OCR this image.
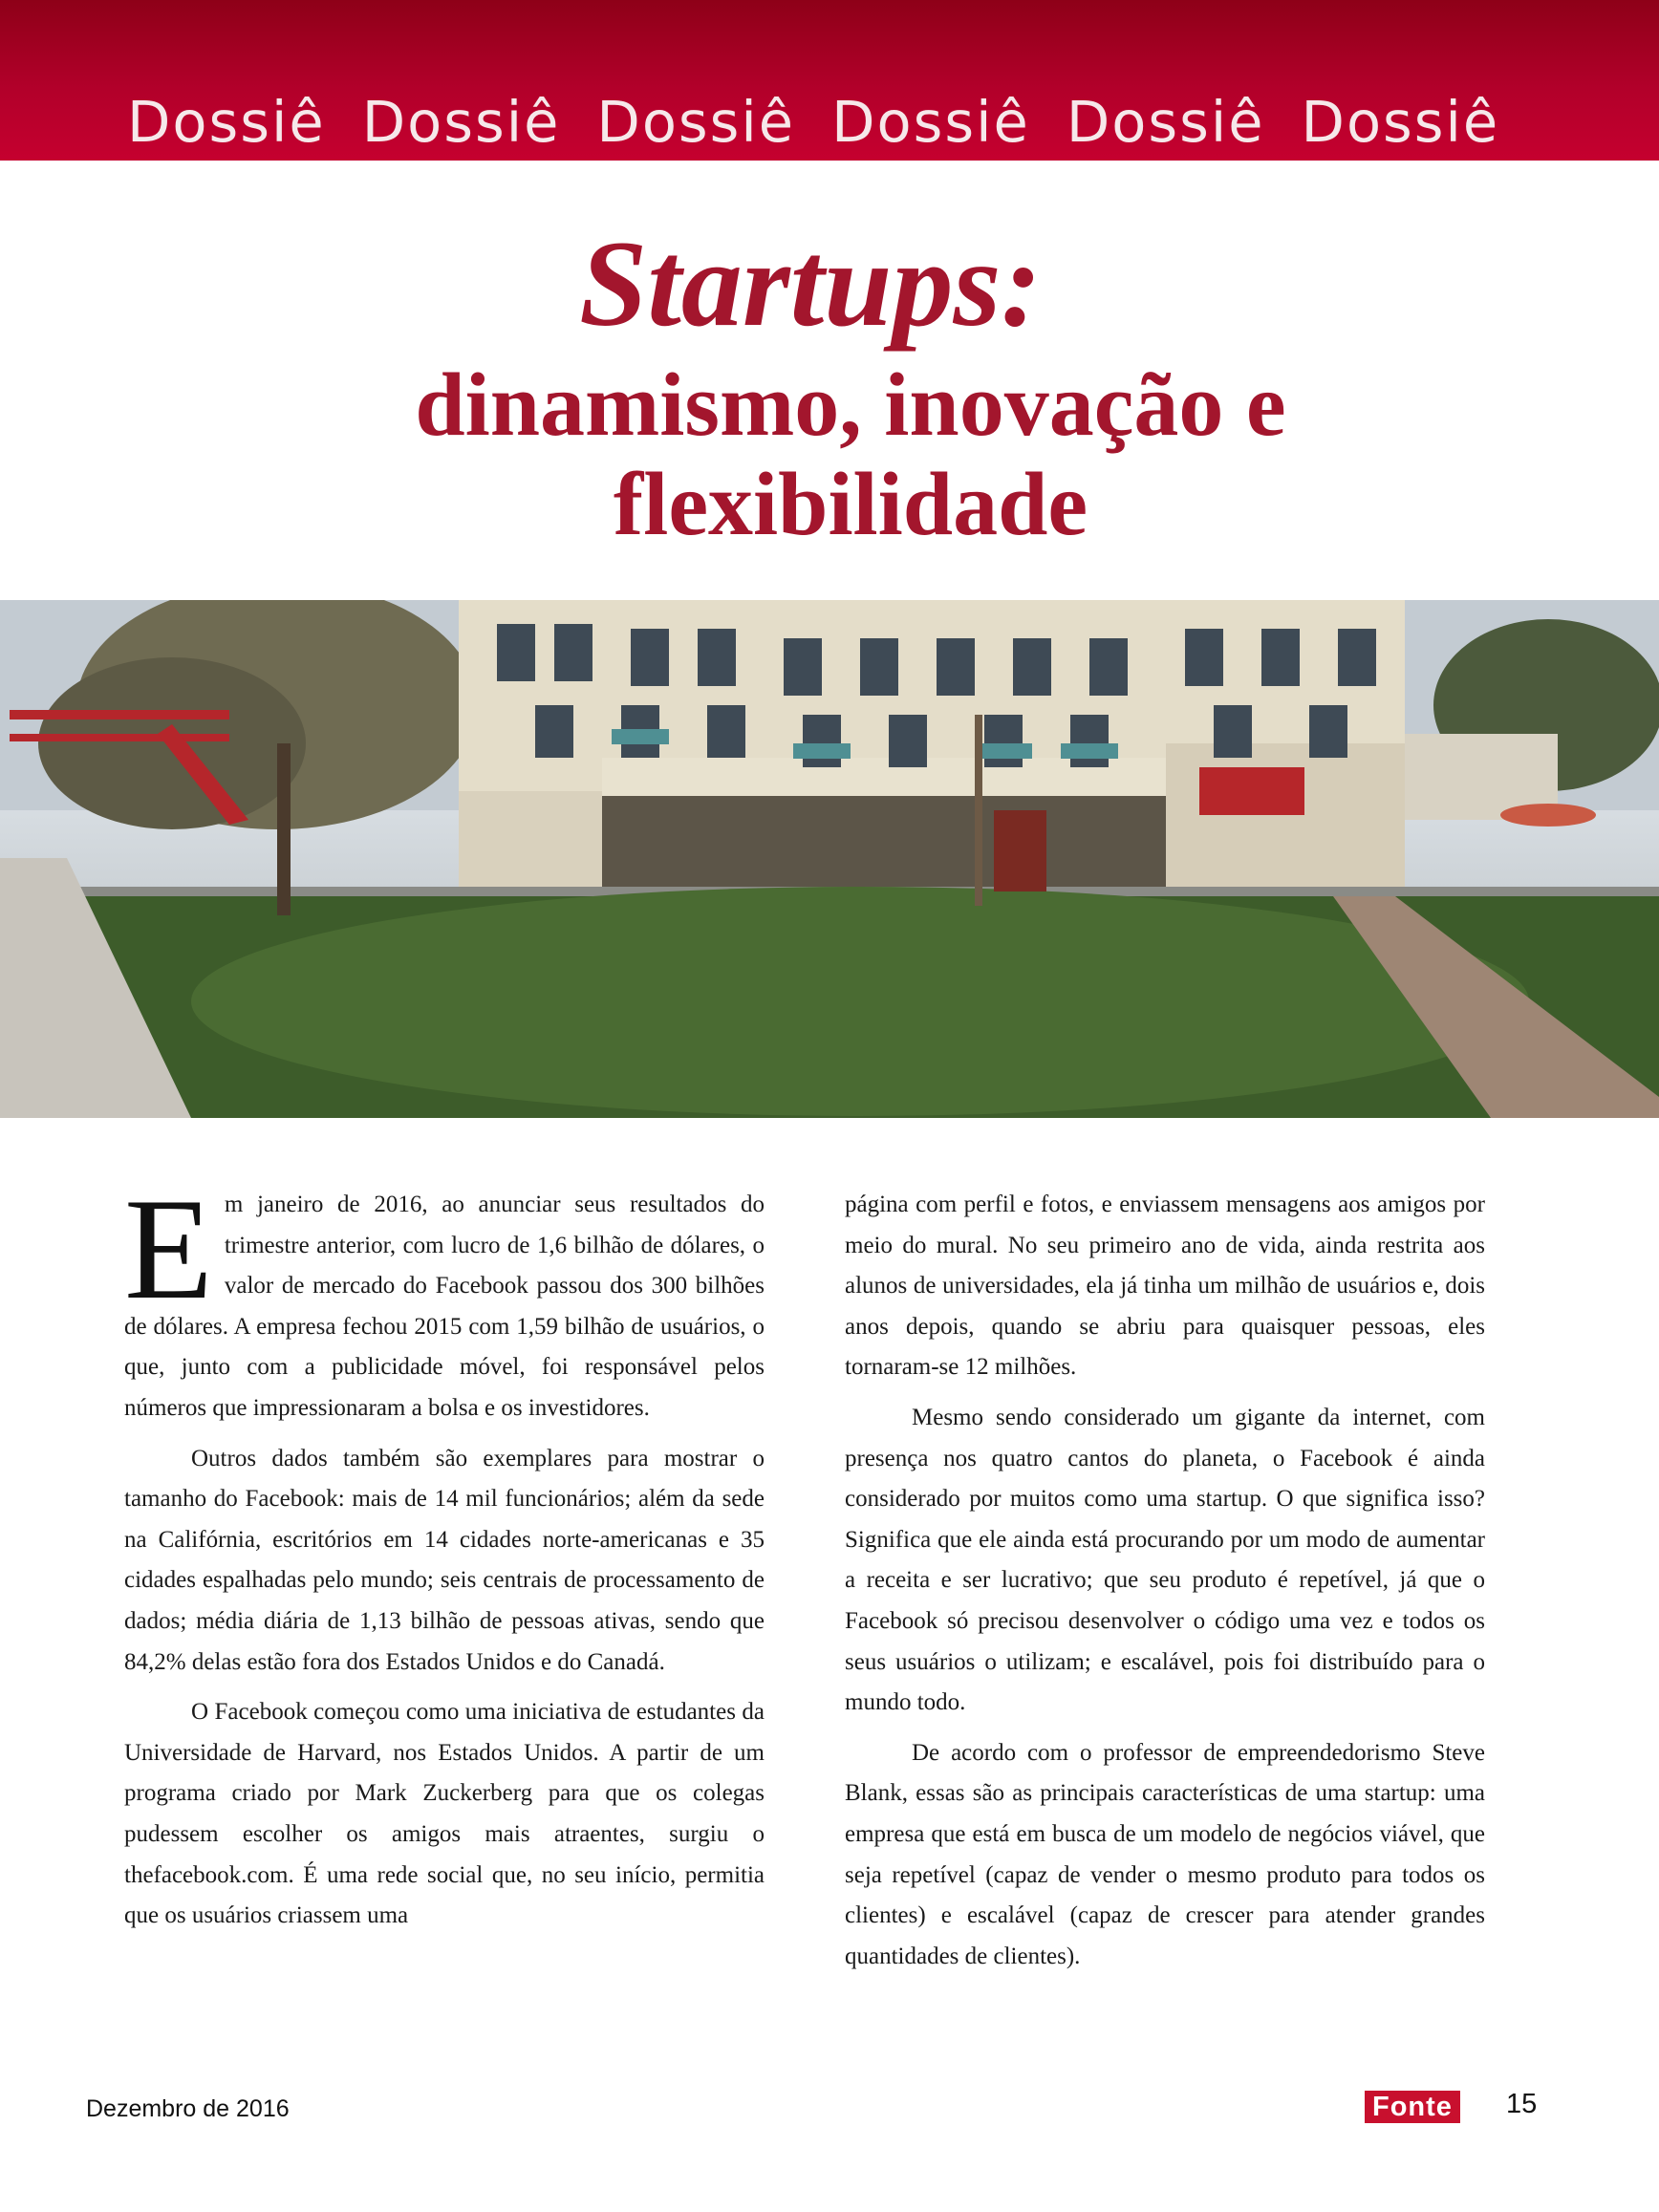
Dossiê Dossiê Dossiê Dossiê Dossiê Dossiê
Startups:
dinamismo, inovação e flexibilidade

Em janeiro de 2016, ao anunciar seus resultados do trimestre anterior, com lucro de 1,6 bilhão de dólares, o valor de mercado do Facebook passou dos 300 bilhões de dólares. A empresa fechou 2015 com 1,59 bilhão de usuários, o que, junto com a publicidade móvel, foi responsável pelos números que impressionaram a bolsa e os investidores.

Outros dados também são exemplares para mostrar o tamanho do Facebook: mais de 14 mil funcionários; além da sede na Califórnia, escritórios em 14 cidades norte-americanas e 35 cidades espalhadas pelo mundo; seis centrais de processamento de dados; média diária de 1,13 bilhão de pessoas ativas, sendo que 84,2% delas estão fora dos Estados Unidos e do Canadá.

O Facebook começou como uma iniciativa de estudantes da Universidade de Harvard, nos Estados Unidos. A partir de um programa criado por Mark Zuckerberg para que os colegas pudessem escolher os amigos mais atraentes, surgiu o thefacebook.com. É uma rede social que, no seu início, permitia que os usuários criassem uma

página com perfil e fotos, e enviassem mensagens aos amigos por meio do mural. No seu primeiro ano de vida, ainda restrita aos alunos de universidades, ela já tinha um milhão de usuários e, dois anos depois, quando se abriu para quaisquer pessoas, eles tornaram-se 12 milhões.

Mesmo sendo considerado um gigante da internet, com presença nos quatro cantos do planeta, o Facebook é ainda considerado por muitos como uma startup. O que significa isso? Significa que ele ainda está procurando por um modo de aumentar a receita e ser lucrativo; que seu produto é repetível, já que o Facebook só precisou desenvolver o código uma vez e todos os seus usuários o utilizam; e escalável, pois foi distribuído para o mundo todo.

De acordo com o professor de empreendedorismo Steve Blank, essas são as principais características de uma startup: uma empresa que está em busca de um modelo de negócios viável, que seja repetível (capaz de vender o mesmo produto para todos os clientes) e escalável (capaz de crescer para atender grandes quantidades de clientes).

Dezembro de 2016	Fonte 15
